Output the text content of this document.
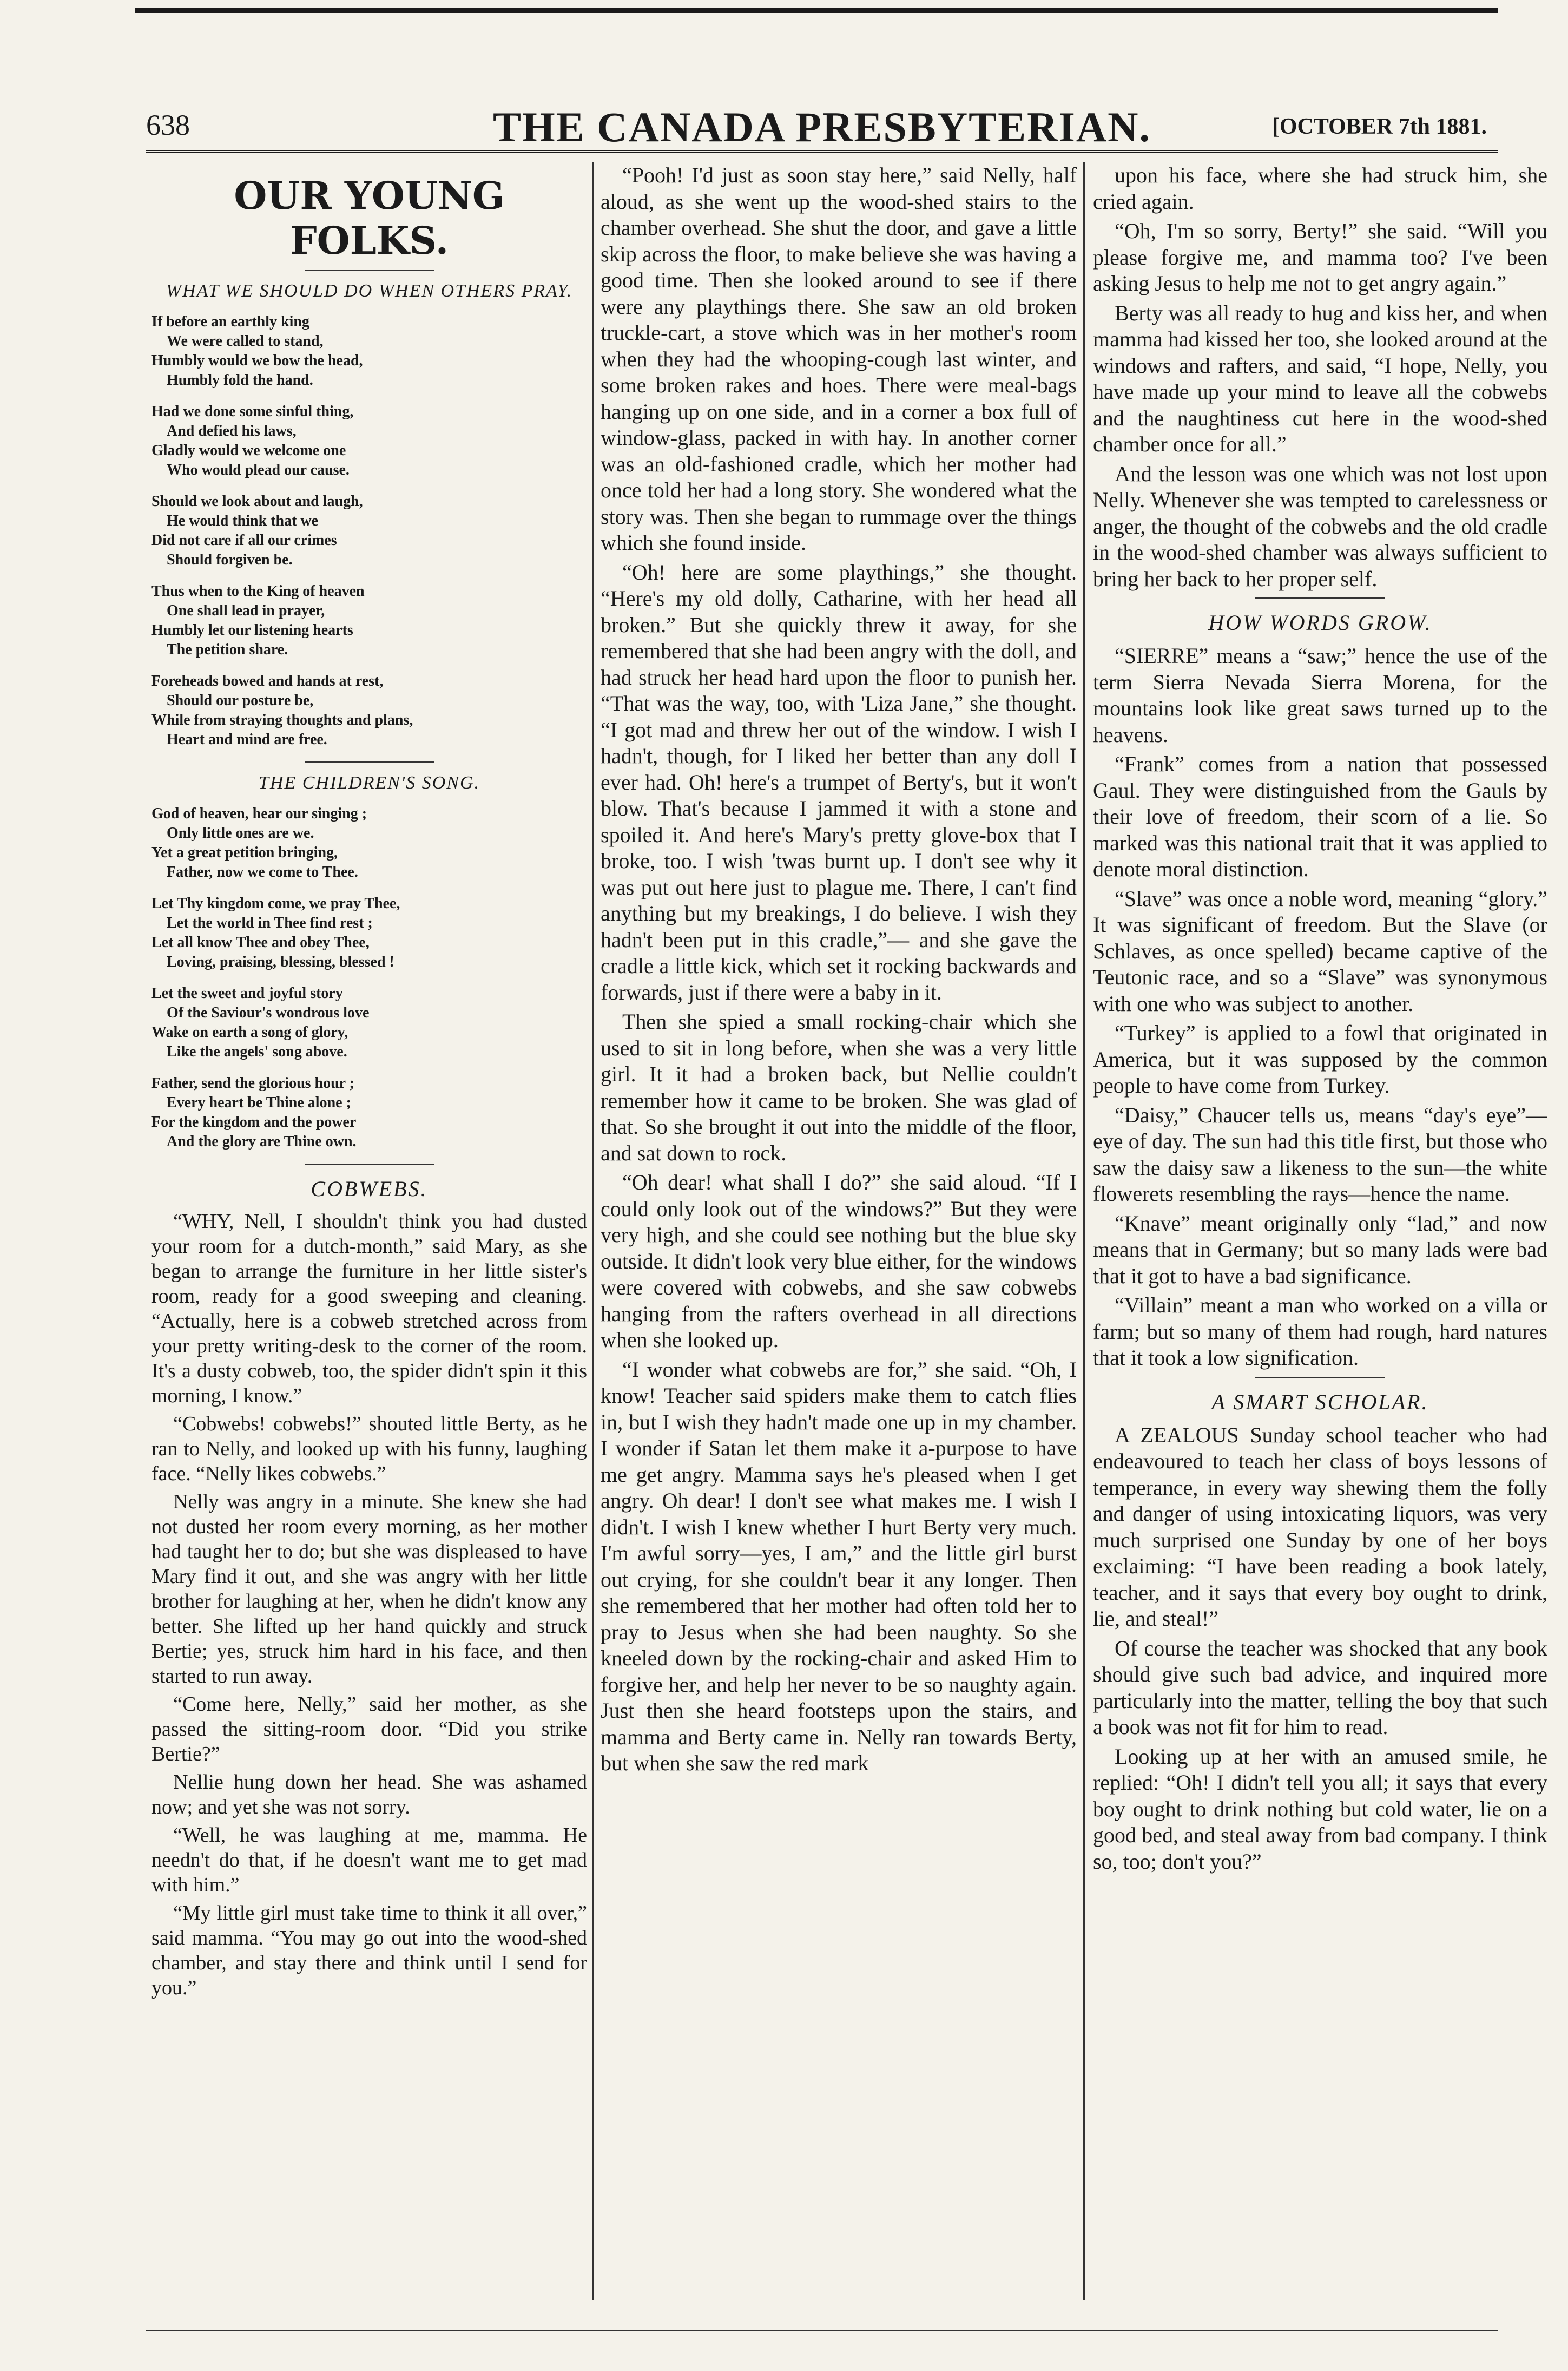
638	THE CANADA PRESBYTERIAN.	[OCTOBER 7th 1881.
OUR YOUNG FOLKS.
WHAT WE SHOULD DO WHEN OTHERS PRAY.
If before an earthly king
We were called to stand,
Humbly would we bow the head,
Humbly fold the hand.
Had we done some sinful thing,
And defied his laws,
Gladly would we welcome one
Who would plead our cause.
Should we look about and laugh,
He would think that we
Did not care if all our crimes
Should forgiven be.
Thus when to the King of heaven
One shall lead in prayer,
Humbly let our listening hearts
The petition share.
Foreheads bowed and hands at rest,
Should our posture be,
While from straying thoughts and plans,
Heart and mind are free.
THE CHILDREN'S SONG.
God of heaven, hear our singing ;
Only little ones are we.
Yet a great petition bringing,
Father, now we come to Thee.
Let Thy kingdom come, we pray Thee,
Let the world in Thee find rest ;
Let all know Thee and obey Thee,
Loving, praising, blessing, blessed !
Let the sweet and joyful story
Of the Saviour's wondrous love
Wake on earth a song of glory,
Like the angels' song above.
Father, send the glorious hour ;
Every heart be Thine alone ;
For the kingdom and the power
And the glory are Thine own.
COBWEBS.

“WHY, Nell, I shouldn't think you had dusted your room for a dutch-month,” said Mary, as she began to arrange the furniture in her little sister's room, ready for a good sweeping and cleaning. “Actually, here is a cobweb stretched across from your pretty writing-desk to the corner of the room. It's a dusty cobweb, too, the spider didn't spin it this morning, I know.”

“Cobwebs! cobwebs!” shouted little Berty, as he ran to Nelly, and looked up with his funny, laughing face. “Nelly likes cobwebs.”

Nelly was angry in a minute. She knew she had not dusted her room every morning, as her mother had taught her to do; but she was displeased to have Mary find it out, and she was angry with her little brother for laughing at her, when he didn't know any better. She lifted up her hand quickly and struck Bertie; yes, struck him hard in his face, and then started to run away.

“Come here, Nelly,” said her mother, as she passed the sitting-room door. “Did you strike Bertie?”

Nellie hung down her head. She was ashamed now; and yet she was not sorry.

“Well, he was laughing at me, mamma. He needn't do that, if he doesn't want me to get mad with him.”

“My little girl must take time to think it all over,” said mamma. “You may go out into the wood-shed chamber, and stay there and think until I send for you.”

“Pooh! I'd just as soon stay here,” said Nelly, half aloud, as she went up the wood-shed stairs to the chamber overhead. She shut the door, and gave a little skip across the floor, to make believe she was having a good time. Then she looked around to see if there were any playthings there. She saw an old broken truckle-cart, a stove which was in her mother's room when they had the whooping-cough last winter, and some broken rakes and hoes. There were meal-bags hanging up on one side, and in a corner a box full of window-glass, packed in with hay. In another corner was an old-fashioned cradle, which her mother had once told her had a long story. She wondered what the story was. Then she began to rummage over the things which she found inside.

“Oh! here are some playthings,” she thought. “Here's my old dolly, Catharine, with her head all broken.” But she quickly threw it away, for she remembered that she had been angry with the doll, and had struck her head hard upon the floor to punish her. “That was the way, too, with 'Liza Jane,” she thought. “I got mad and threw her out of the window. I wish I hadn't, though, for I liked her better than any doll I ever had. Oh! here's a trumpet of Berty's, but it won't blow. That's because I jammed it with a stone and spoiled it. And here's Mary's pretty glove-box that I broke, too. I wish 'twas burnt up. I don't see why it was put out here just to plague me. There, I can't find anything but my breakings, I do believe. I wish they hadn't been put in this cradle,”— and she gave the cradle a little kick, which set it rocking backwards and forwards, just if there were a baby in it.

Then she spied a small rocking-chair which she used to sit in long before, when she was a very little girl. It it had a broken back, but Nellie couldn't remember how it came to be broken. She was glad of that. So she brought it out into the middle of the floor, and sat down to rock.

“Oh dear! what shall I do?” she said aloud. “If I could only look out of the windows?” But they were very high, and she could see nothing but the blue sky outside. It didn't look very blue either, for the windows were covered with cobwebs, and she saw cobwebs hanging from the rafters overhead in all directions when she looked up.

“I wonder what cobwebs are for,” she said. “Oh, I know! Teacher said spiders make them to catch flies in, but I wish they hadn't made one up in my chamber. I wonder if Satan let them make it a-purpose to have me get angry. Mamma says he's pleased when I get angry. Oh dear! I don't see what makes me. I wish I didn't. I wish I knew whether I hurt Berty very much. I'm awful sorry—yes, I am,” and the little girl burst out crying, for she couldn't bear it any longer. Then she remembered that her mother had often told her to pray to Jesus when she had been naughty. So she kneeled down by the rocking-chair and asked Him to forgive her, and help her never to be so naughty again. Just then she heard footsteps upon the stairs, and mamma and Berty came in. Nelly ran towards Berty, but when she saw the red mark

upon his face, where she had struck him, she cried again.

“Oh, I'm so sorry, Berty!” she said. “Will you please forgive me, and mamma too? I've been asking Jesus to help me not to get angry again.”

Berty was all ready to hug and kiss her, and when mamma had kissed her too, she looked around at the windows and rafters, and said, “I hope, Nelly, you have made up your mind to leave all the cobwebs and the naughtiness cut here in the wood-shed chamber once for all.”

And the lesson was one which was not lost upon Nelly. Whenever she was tempted to carelessness or anger, the thought of the cobwebs and the old cradle in the wood-shed chamber was always sufficient to bring her back to her proper self.

HOW WORDS GROW.

“SIERRE” means a “saw;” hence the use of the term Sierra Nevada Sierra Morena, for the mountains look like great saws turned up to the heavens.

“Frank” comes from a nation that possessed Gaul. They were distinguished from the Gauls by their love of freedom, their scorn of a lie. So marked was this national trait that it was applied to denote moral distinction.

“Slave” was once a noble word, meaning “glory.” It was significant of freedom. But the Slave (or Schlaves, as once spelled) became captive of the Teutonic race, and so a “Slave” was synonymous with one who was subject to another.

“Turkey” is applied to a fowl that originated in America, but it was supposed by the common people to have come from Turkey.

“Daisy,” Chaucer tells us, means “day's eye”—eye of day. The sun had this title first, but those who saw the daisy saw a likeness to the sun—the white flowerets resembling the rays—hence the name.

“Knave” meant originally only “lad,” and now means that in Germany; but so many lads were bad that it got to have a bad significance.

“Villain” meant a man who worked on a villa or farm; but so many of them had rough, hard natures that it took a low signification.

A SMART SCHOLAR.

A ZEALOUS Sunday school teacher who had endeavoured to teach her class of boys lessons of temperance, in every way shewing them the folly and danger of using intoxicating liquors, was very much surprised one Sunday by one of her boys exclaiming: “I have been reading a book lately, teacher, and it says that every boy ought to drink, lie, and steal!”

Of course the teacher was shocked that any book should give such bad advice, and inquired more particularly into the matter, telling the boy that such a book was not fit for him to read.

Looking up at her with an amused smile, he replied: “Oh! I didn't tell you all; it says that every boy ought to drink nothing but cold water, lie on a good bed, and steal away from bad company. I think so, too; don't you?”
